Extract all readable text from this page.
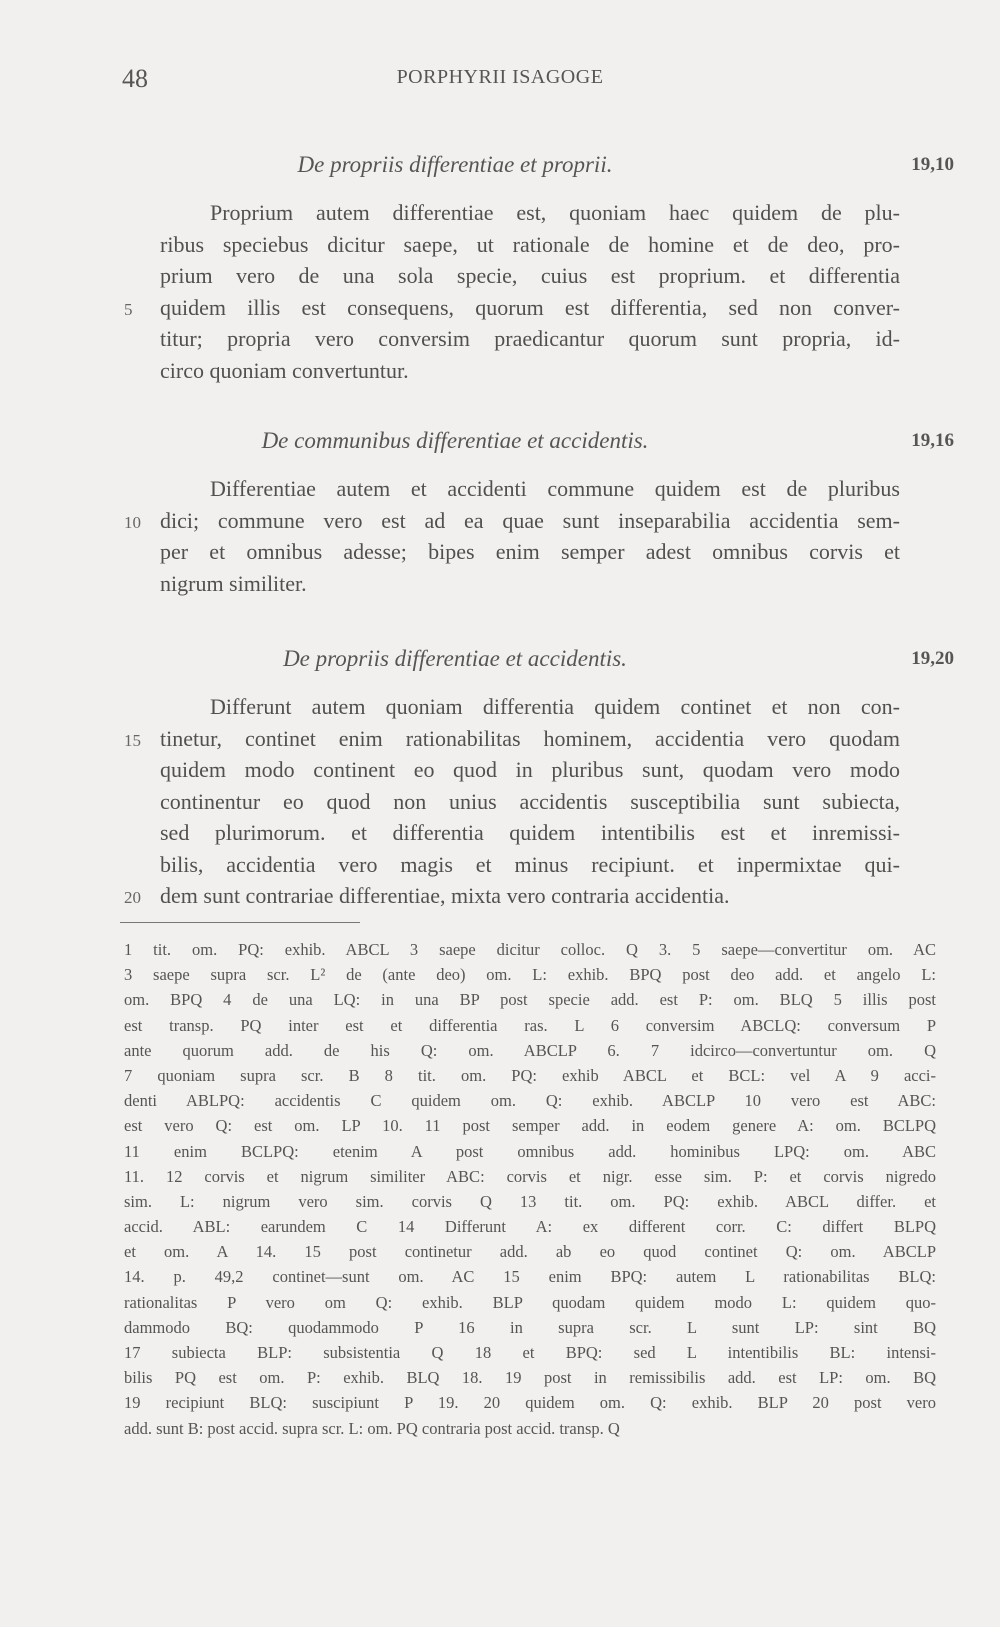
48	PORPHYRII ISAGOGE
De propriis differentiae et proprii.	19,10
Proprium autem differentiae est, quoniam haec quidem de plu-
ribus speciebus dicitur saepe, ut rationale de homine et de deo, pro-
prium vero de una sola specie, cuius est proprium. et differentia
5	quidem illis est consequens, quorum est differentia, sed non conver-
titur; propria vero conversim praedicantur quorum sunt propria, id-
circo quoniam convertuntur.
De communibus differentiae et accidentis.	19,16
Differentiae autem et accidenti commune quidem est de pluribus
10 dici; commune vero est ad ea quae sunt inseparabilia accidentia sem-
per et omnibus adesse; bipes enim semper adest omnibus corvis et
nigrum similiter.
De propriis differentiae et accidentis.	19,20
Differunt autem quoniam differentia quidem continet et non con-
15 tinetur, continet enim rationabilitas hominem, accidentia vero quodam
quidem modo continent eo quod in pluribus sunt, quodam vero modo
continentur eo quod non unius accidentis susceptibilia sunt subiecta,
sed plurimorum. et differentia quidem intentibilis est et inremissi-
bilis, accidentia vero magis et minus recipiunt. et inpermixtae qui-
20 dem sunt contrariae differentiae, mixta vero contraria accidentia.
1 tit. om. PQ: exhib. ABCL 3 saepe dicitur colloc. Q 3. 5 saepe—convertitur om. AC
3 saepe supra scr. L² de (ante deo) om. L: exhib. BPQ post deo add. et angelo L:
om. BPQ 4 de una LQ: in una BP post specie add. est P: om. BLQ 5 illis post
est transp. PQ inter est et differentia ras. L 6 conversim ABCLQ: conversum P
ante quorum add. de his Q: om. ABCLP 6. 7 idcirco—convertuntur om. Q
7 quoniam supra scr. B 8 tit. om. PQ: exhib ABCL et BCL: vel A 9 acci-
denti ABLPQ: accidentis C quidem om. Q: exhib. ABCLP 10 vero est ABC:
est vero Q: est om. LP 10. 11 post semper add. in eodem genere A: om. BCLPQ
11 enim BCLPQ: etenim A post omnibus add. hominibus LPQ: om. ABC
11. 12 corvis et nigrum similiter ABC: corvis et nigr. esse sim. P: et corvis nigredo
sim. L: nigrum vero sim. corvis Q 13 tit. om. PQ: exhib. ABCL differ. et
accid. ABL: earundem C 14 Differunt A: ex different corr. C: differt BLPQ
et om. A 14. 15 post continetur add. ab eo quod continet Q: om. ABCLP
14. p. 49,2 continet—sunt om. AC 15 enim BPQ: autem L rationabilitas BLQ:
rationalitas P vero om Q: exhib. BLP quodam quidem modo L: quidem quo-
dammodo BQ: quodammodo P 16 in supra scr. L sunt LP: sint BQ
17 subiecta BLP: subsistentia Q 18 et BPQ: sed L intentibilis BL: intensi-
bilis PQ est om. P: exhib. BLQ 18. 19 post in remissibilis add. est LP: om. BQ
19 recipiunt BLQ: suscipiunt P 19. 20 quidem om. Q: exhib. BLP 20 post vero
add. sunt B: post accid. supra scr. L: om. PQ contraria post accid. transp. Q
